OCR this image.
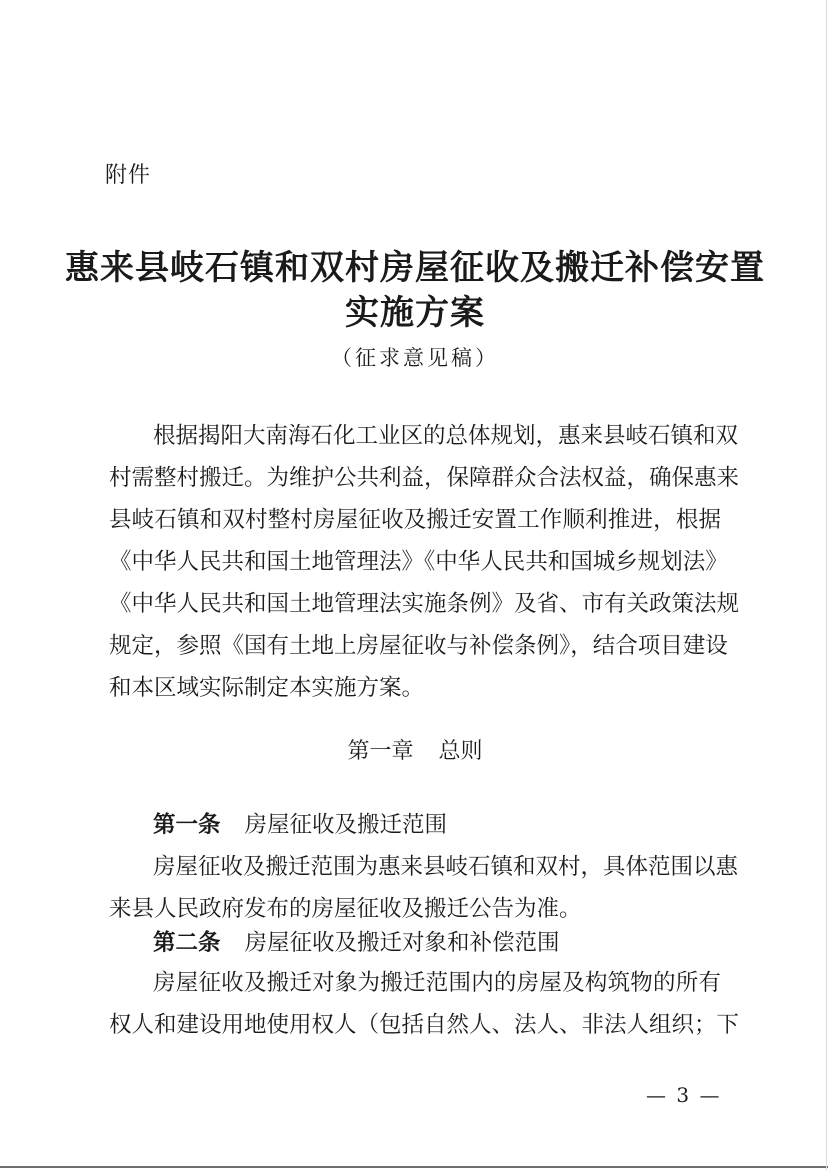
附件
惠来县岐石镇和双村房屋征收及搬迁补偿安置
实施方案
（征求意见稿）
根据揭阳大南海石化工业区的总体规划，惠来县岐石镇和双
村需整村搬迁。为维护公共利益，保障群众合法权益，确保惠来
县岐石镇和双村整村房屋征收及搬迁安置工作顺利推进，根据
《中华人民共和国土地管理法》《中华人民共和国城乡规划法》
《中华人民共和国土地管理法实施条例》及省、市有关政策法规
规定，参照《国有土地上房屋征收与补偿条例》，结合项目建设
和本区域实际制定本实施方案。
第一章 总则
第一条 房屋征收及搬迁范围
房屋征收及搬迁范围为惠来县岐石镇和双村，具体范围以惠
来县人民政府发布的房屋征收及搬迁公告为准。
第二条 房屋征收及搬迁对象和补偿范围
房屋征收及搬迁对象为搬迁范围内的房屋及构筑物的所有
权人和建设用地使用权人（包括自然人、法人、非法人组织；下
— 3 —
